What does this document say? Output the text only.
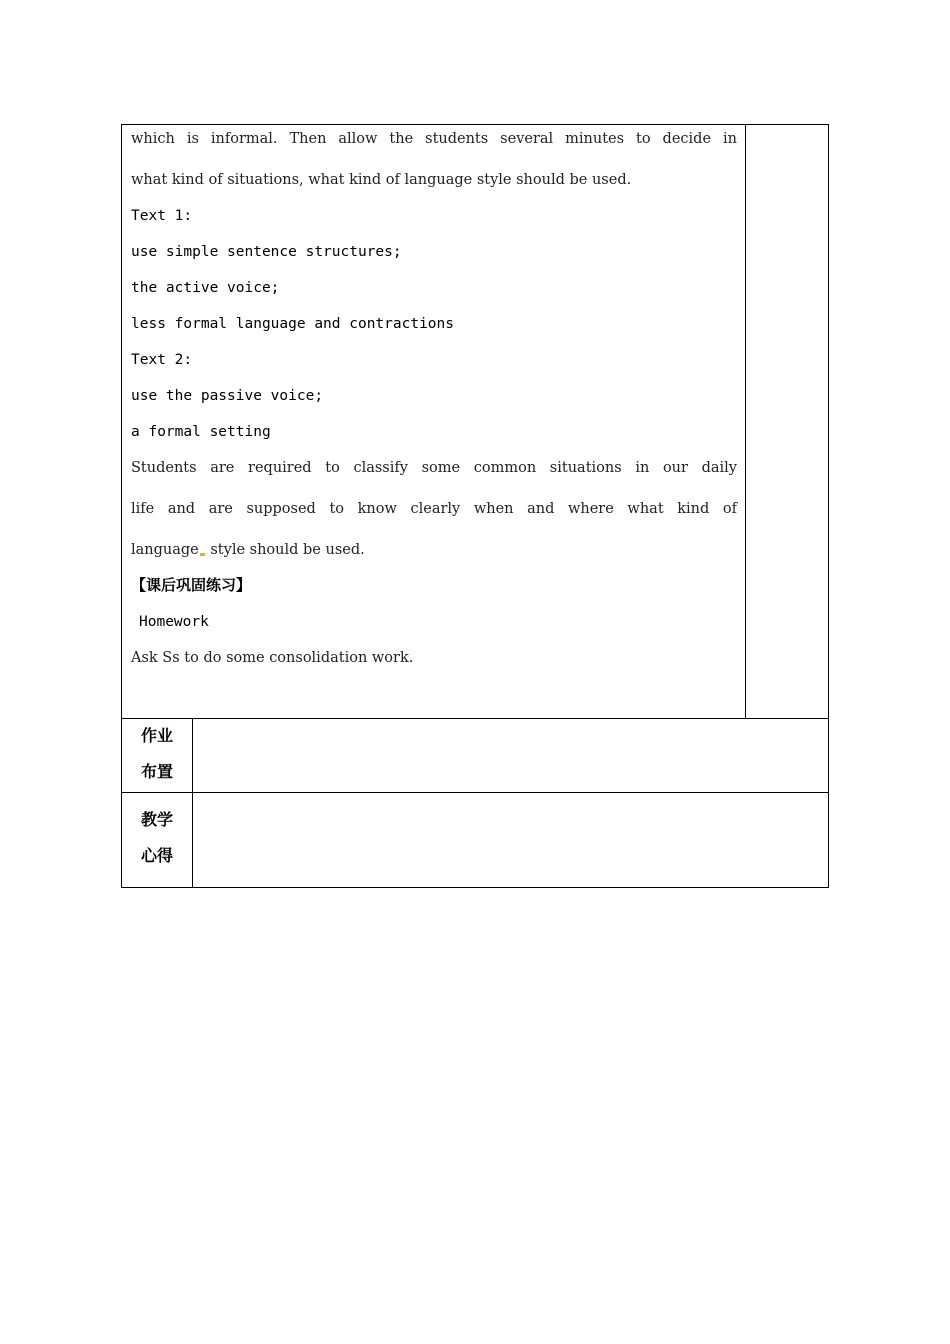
which is informal. Then allow the students several minutes to decide in
what kind of situations, what kind of language style should be used.
Text 1:
use simple sentence structures;
the active voice;
less formal language and contractions
Text 2:
use the passive voice;
a formal setting
Students are required to classify some common situations in our daily
life and are supposed to know clearly when and where what kind of
language style should be used.
【课后巩固练习】
Homework
Ask Ss to do some consolidation work.
作业
布置
教学
心得
